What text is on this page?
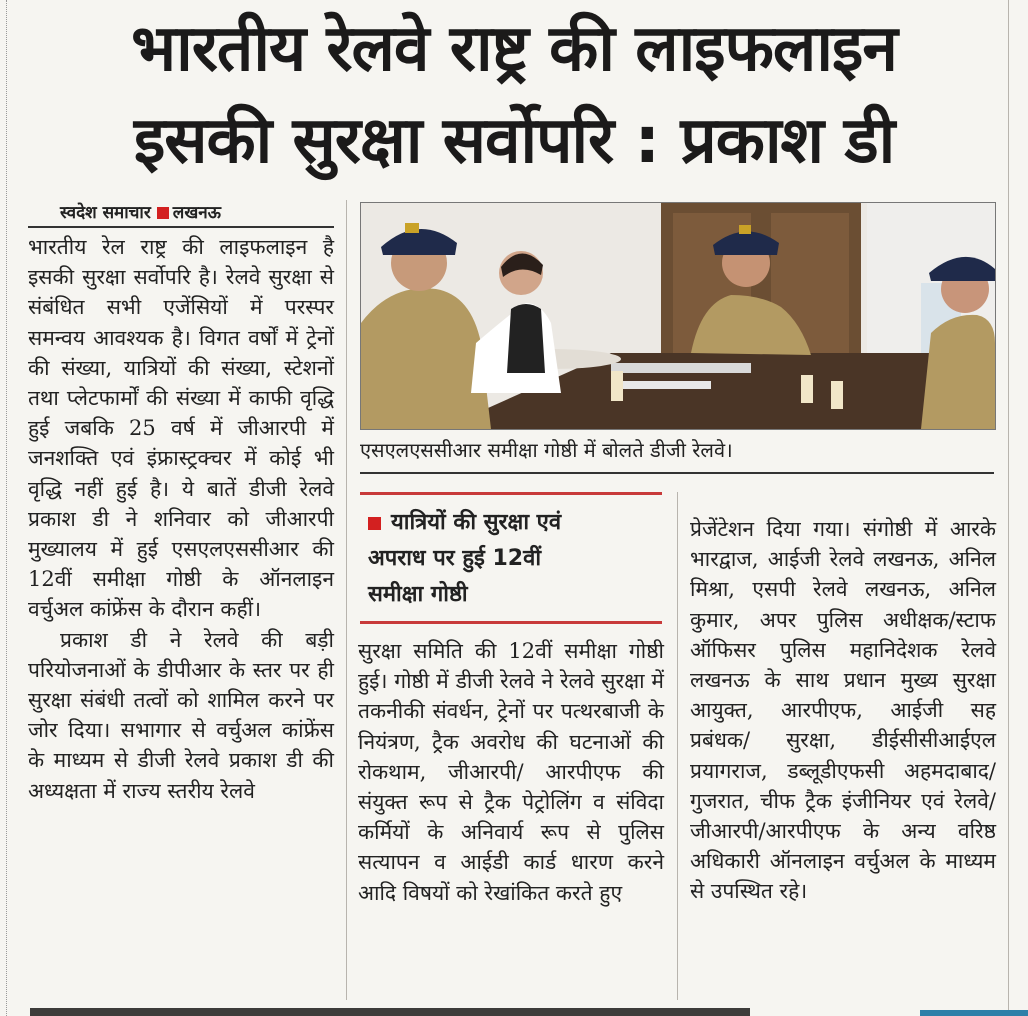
भारतीय रेलवे राष्ट्र की लाइफलाइन
इसकी सुरक्षा सर्वोपरि : प्रकाश डी
स्वदेश समाचार लखनऊ

भारतीय रेल राष्ट्र की लाइफलाइन है इसकी सुरक्षा सर्वोपरि है। रेलवे सुरक्षा से संबंधित सभी एजेंसियों में परस्पर समन्वय आवश्यक है। विगत वर्षों में ट्रेनों की संख्या, यात्रियों की संख्या, स्टेशनों तथा प्लेटफार्मों की संख्या में काफी वृद्धि हुई जबकि 25 वर्ष में जीआरपी में जनशक्ति एवं इंफ्रास्ट्रक्चर में कोई भी वृद्धि नहीं हुई है। ये बातें डीजी रेलवे प्रकाश डी ने शनिवार को जीआरपी मुख्यालय में हुई एसएलएससीआर की 12वीं समीक्षा गोष्ठी के ऑनलाइन वर्चुअल कांफ्रेंस के दौरान कहीं।

प्रकाश डी ने रेलवे की बड़ी परियोजनाओं के डीपीआर के स्तर पर ही सुरक्षा संबंधी तत्वों को शामिल करने पर जोर दिया। सभागार से वर्चुअल कांफ्रेंस के माध्यम से डीजी रेलवे प्रकाश डी की अध्यक्षता में राज्य स्तरीय रेलवे

एसएलएससीआर समीक्षा गोष्ठी में बोलते डीजी रेलवे।
यात्रियों की सुरक्षा एवं
अपराध पर हुई 12वीं
समीक्षा गोष्ठी

सुरक्षा समिति की 12वीं समीक्षा गोष्ठी हुई। गोष्ठी में डीजी रेलवे ने रेलवे सुरक्षा में तकनीकी संवर्धन, ट्रेनों पर पत्थरबाजी के नियंत्रण, ट्रैक अवरोध की घटनाओं की रोकथाम, जीआरपी/ आरपीएफ की संयुक्त रूप से ट्रैक पेट्रोलिंग व संविदा कर्मियों के अनिवार्य रूप से पुलिस सत्यापन व आईडी कार्ड धारण करने आदि विषयों को रेखांकित करते हुए

प्रेजेंटेशन दिया गया। संगोष्ठी में आरके भारद्वाज, आईजी रेलवे लखनऊ, अनिल मिश्रा, एसपी रेलवे लखनऊ, अनिल कुमार, अपर पुलिस अधीक्षक/स्टाफ ऑफिसर पुलिस महानिदेशक रेलवे लखनऊ के साथ प्रधान मुख्य सुरक्षा आयुक्त, आरपीएफ, आईजी सह प्रबंधक/ सुरक्षा, डीईसीसीआईएल प्रयागराज, डब्लूडीएफसी अहमदाबाद/ गुजरात, चीफ ट्रैक इंजीनियर एवं रेलवे/ जीआरपी/आरपीएफ के अन्य वरिष्ठ अधिकारी ऑनलाइन वर्चुअल के माध्यम से उपस्थित रहे।
